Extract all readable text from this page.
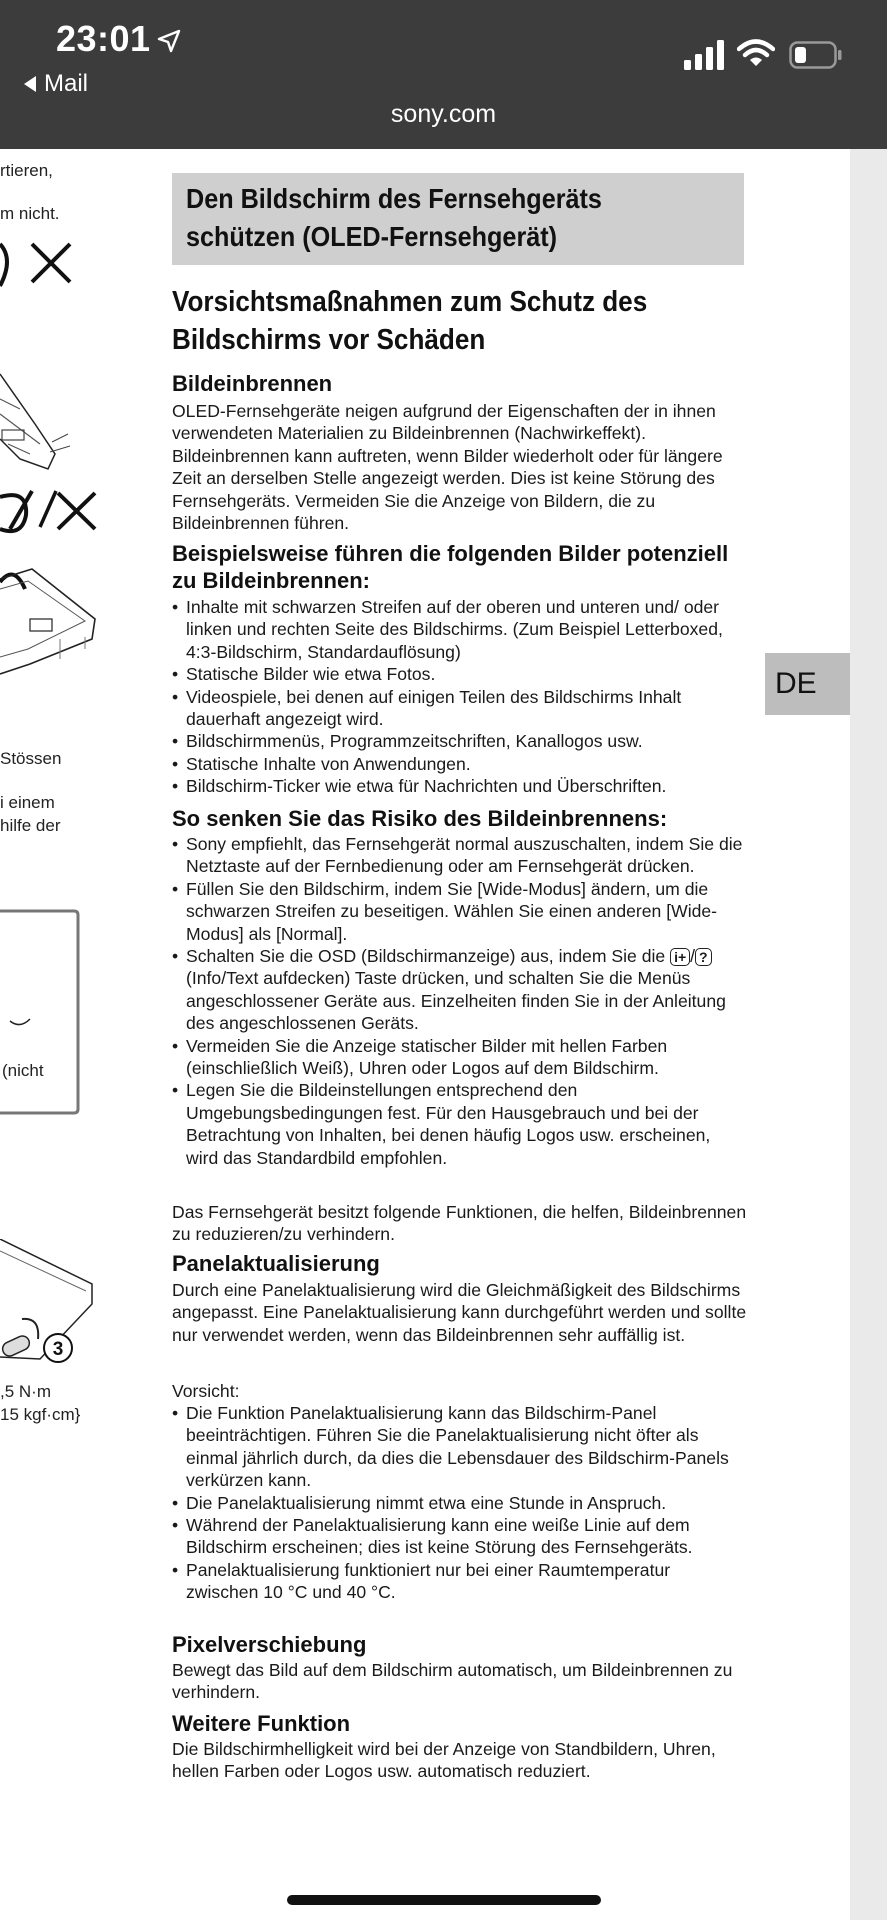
23:01
Mail
sony.com
rtieren,
m nicht.
Stössen
i einem
hilfe der
(nicht
3
,5 N·m
15 kgf·cm}
Den Bildschirm des Fernsehgeräts schützen (OLED-Fernsehgerät)
Vorsichtsmaßnahmen zum Schutz des Bildschirms vor Schäden
Bildeinbrennen
OLED-Fernsehgeräte neigen aufgrund der Eigenschaften der in ihnen verwendeten Materialien zu Bildeinbrennen (Nachwirkeffekt). Bildeinbrennen kann auftreten, wenn Bilder wiederholt oder für längere Zeit an derselben Stelle angezeigt werden. Dies ist keine Störung des Fernsehgeräts. Vermeiden Sie die Anzeige von Bildern, die zu Bildeinbrennen führen.
Beispielsweise führen die folgenden Bilder potenziell zu Bildeinbrennen:
• Inhalte mit schwarzen Streifen auf der oberen und unteren und/ oder linken und rechten Seite des Bildschirms. (Zum Beispiel Letterboxed, 4:3-Bildschirm, Standardauflösung)
• Statische Bilder wie etwa Fotos.
• Videospiele, bei denen auf einigen Teilen des Bildschirms Inhalt dauerhaft angezeigt wird.
• Bildschirmmenüs, Programmzeitschriften, Kanallogos usw.
• Statische Inhalte von Anwendungen.
• Bildschirm-Ticker wie etwa für Nachrichten und Überschriften.
So senken Sie das Risiko des Bildeinbrennens:
• Sony empfiehlt, das Fernsehgerät normal auszuschalten, indem Sie die Netztaste auf der Fernbedienung oder am Fernsehgerät drücken.
• Füllen Sie den Bildschirm, indem Sie [Wide-Modus] ändern, um die schwarzen Streifen zu beseitigen. Wählen Sie einen anderen [Wide-Modus] als [Normal].
• Schalten Sie die OSD (Bildschirmanzeige) aus, indem Sie die i+ / ? (Info/Text aufdecken) Taste drücken, und schalten Sie die Menüs angeschlossener Geräte aus. Einzelheiten finden Sie in der Anleitung des angeschlossenen Geräts.
• Vermeiden Sie die Anzeige statischer Bilder mit hellen Farben (einschließlich Weiß), Uhren oder Logos auf dem Bildschirm.
• Legen Sie die Bildeinstellungen entsprechend den Umgebungsbedingungen fest. Für den Hausgebrauch und bei der Betrachtung von Inhalten, bei denen häufig Logos usw. erscheinen, wird das Standardbild empfohlen.
Das Fernsehgerät besitzt folgende Funktionen, die helfen, Bildeinbrennen zu reduzieren/zu verhindern.
Panelaktualisierung
Durch eine Panelaktualisierung wird die Gleichmäßigkeit des Bildschirms angepasst. Eine Panelaktualisierung kann durchgeführt werden und sollte nur verwendet werden, wenn das Bildeinbrennen sehr auffällig ist.
Vorsicht:
• Die Funktion Panelaktualisierung kann das Bildschirm-Panel beeinträchtigen. Führen Sie die Panelaktualisierung nicht öfter als einmal jährlich durch, da dies die Lebensdauer des Bildschirm-Panels verkürzen kann.
• Die Panelaktualisierung nimmt etwa eine Stunde in Anspruch.
• Während der Panelaktualisierung kann eine weiße Linie auf dem Bildschirm erscheinen; dies ist keine Störung des Fernsehgeräts.
• Panelaktualisierung funktioniert nur bei einer Raumtemperatur zwischen 10 °C und 40 °C.
Pixelverschiebung
Bewegt das Bild auf dem Bildschirm automatisch, um Bildeinbrennen zu verhindern.
Weitere Funktion
Die Bildschirmhelligkeit wird bei der Anzeige von Standbildern, Uhren, hellen Farben oder Logos usw. automatisch reduziert.
DE
